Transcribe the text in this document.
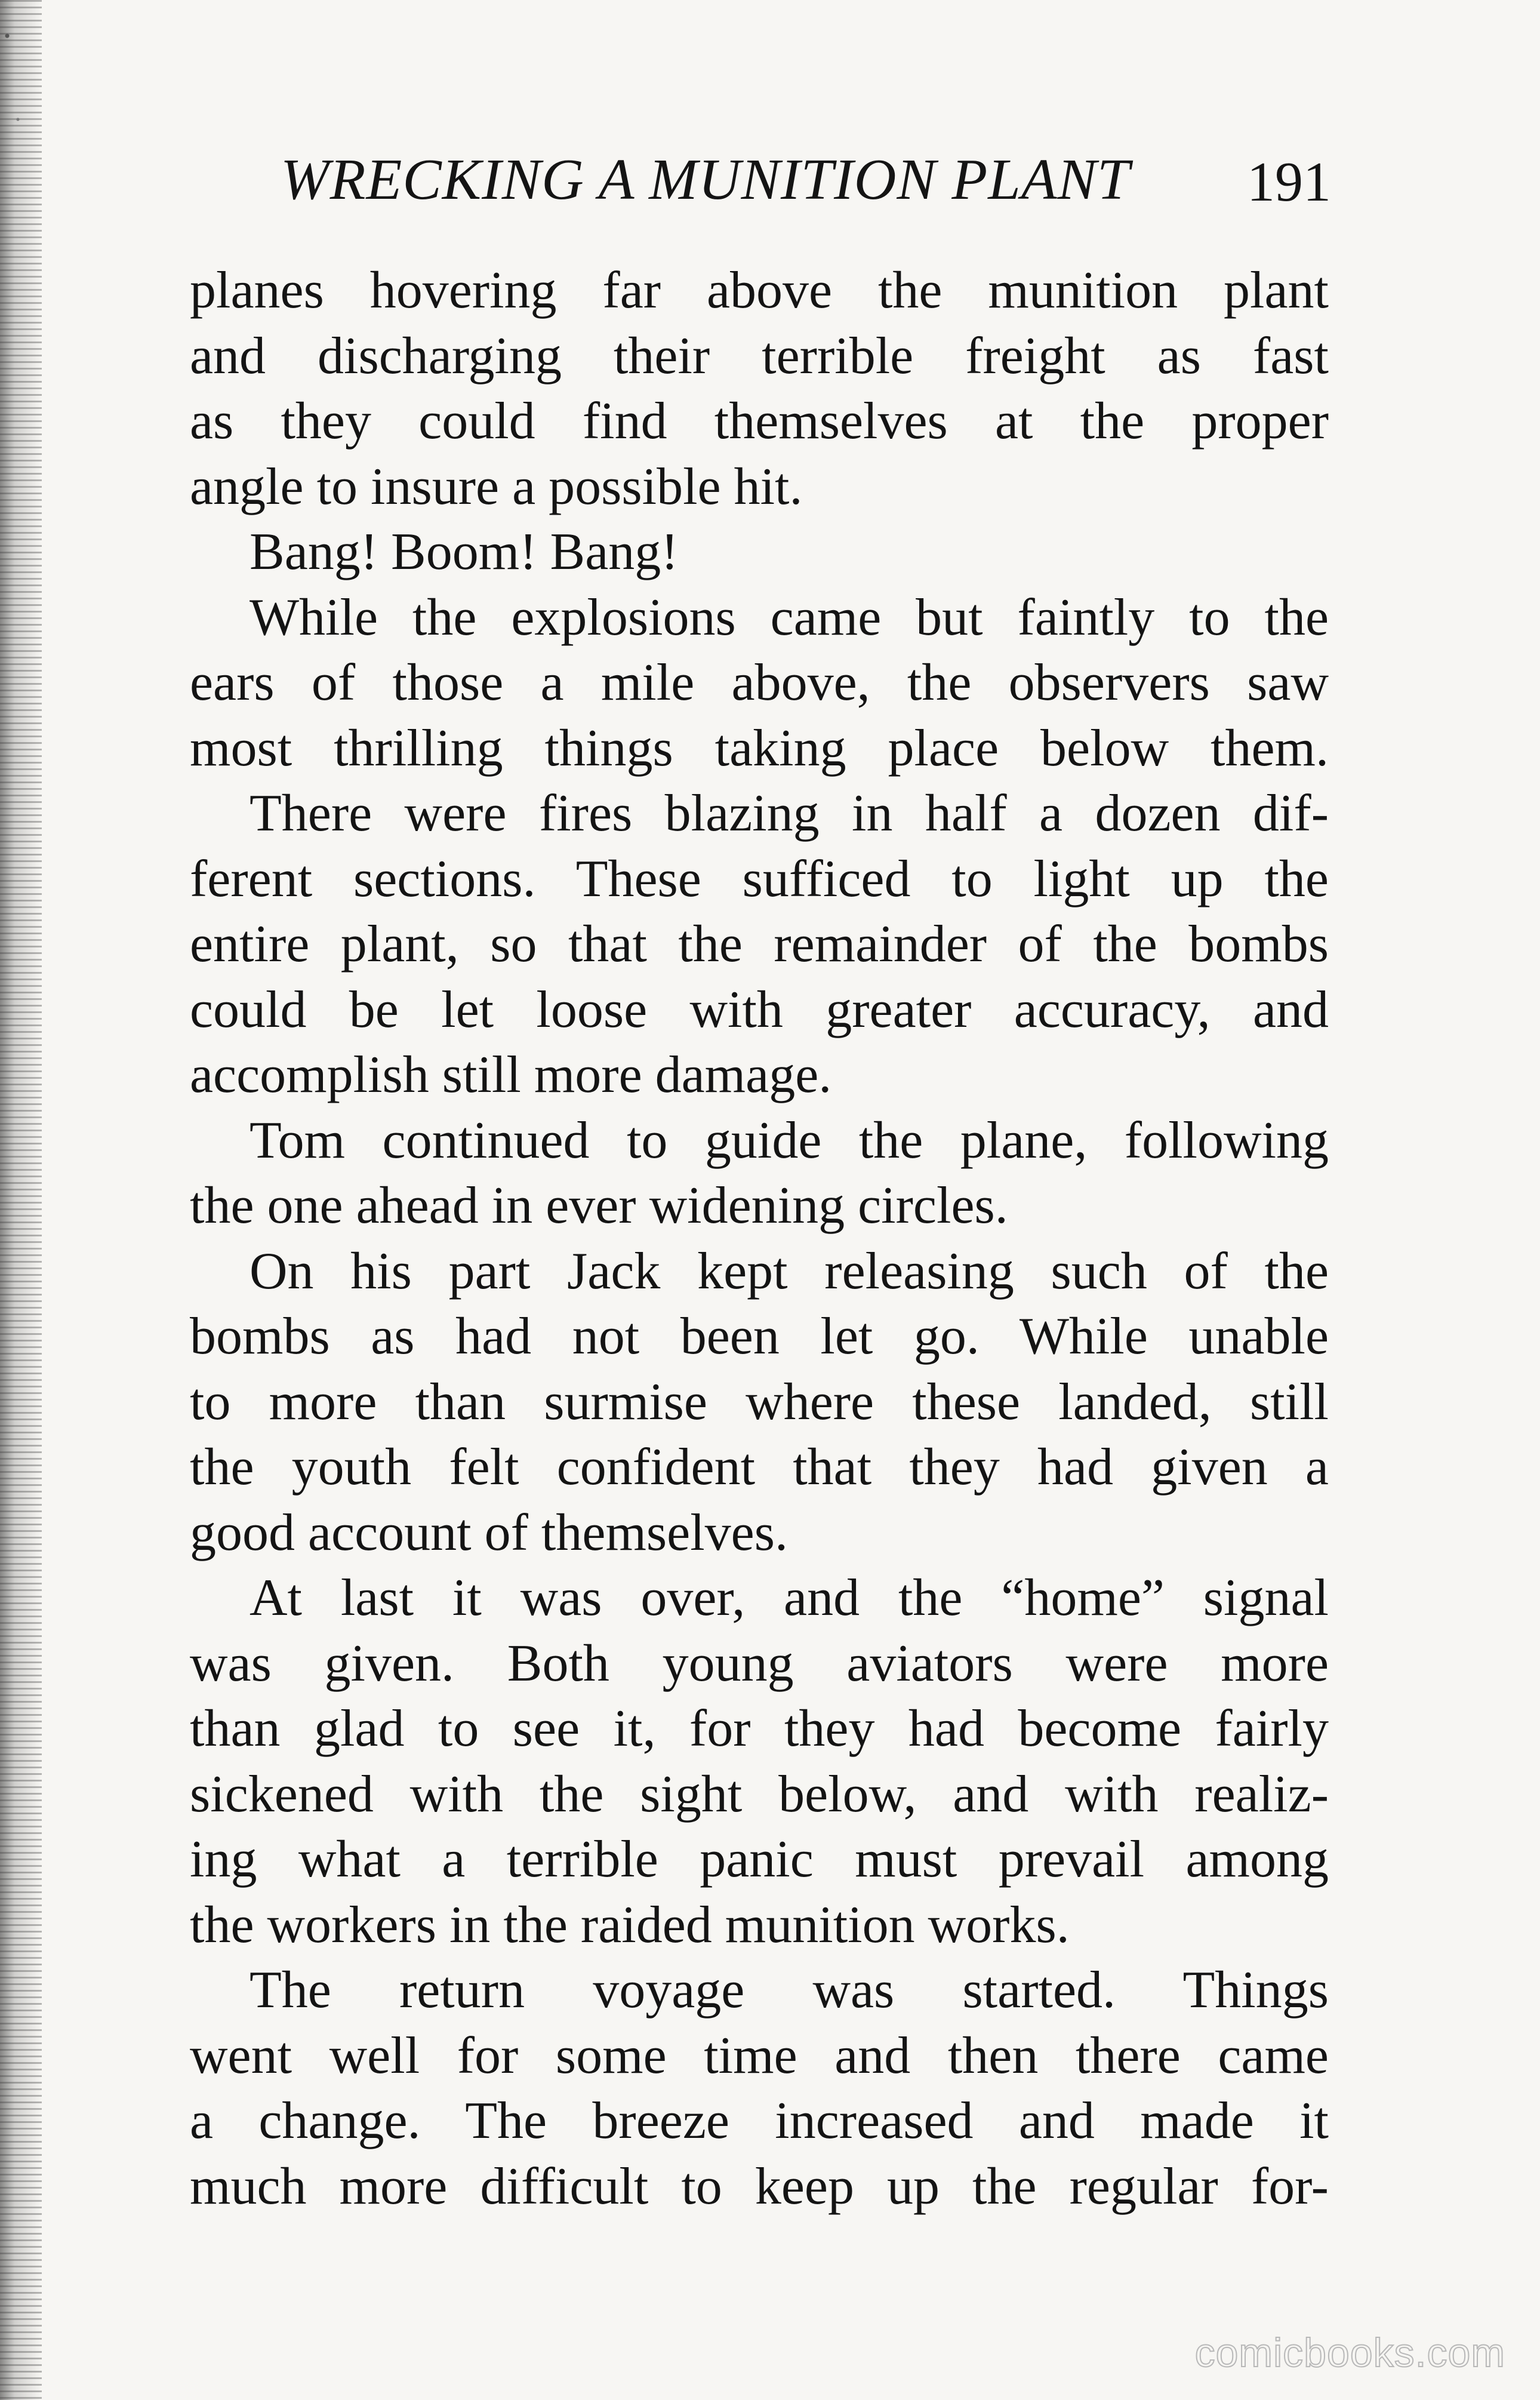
WRECKING A MUNITION PLANT 191
planes hovering far above the munition plant
and discharging their terrible freight as fast
as they could find themselves at the proper
angle to insure a possible hit.
Bang! Boom! Bang!
While the explosions came but faintly to the
ears of those a mile above, the observers saw
most thrilling things taking place below them.
There were fires blazing in half a dozen dif-
ferent sections. These sufficed to light up the
entire plant, so that the remainder of the bombs
could be let loose with greater accuracy, and
accomplish still more damage.
Tom continued to guide the plane, following
the one ahead in ever widening circles.
On his part Jack kept releasing such of the
bombs as had not been let go. While unable
to more than surmise where these landed, still
the youth felt confident that they had given a
good account of themselves.
At last it was over, and the “home” signal
was given. Both young aviators were more
than glad to see it, for they had become fairly
sickened with the sight below, and with realiz-
ing what a terrible panic must prevail among
the workers in the raided munition works.
The return voyage was started. Things
went well for some time and then there came
a change. The breeze increased and made it
much more difficult to keep up the regular for-
comicbooks.com
